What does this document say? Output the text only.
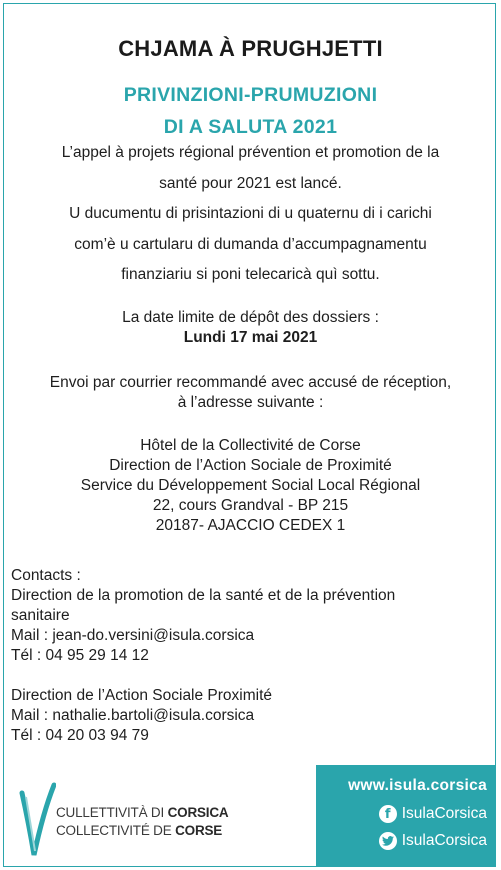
CHJAMA À PRUGHJETTI
PRIVINZIONI-PRUMUZIONI
DI A SALUTA 2021
L’appel à projets régional prévention et promotion de la
santé pour 2021 est lancé.
U ducumentu di prisintazioni di u quaternu di i carichi
com’è u cartularu di dumanda d’accumpagnamentu
finanziariu si poni telecaricà quì sottu.
La date limite de dépôt des dossiers :
Lundi 17 mai 2021
Envoi par courrier recommandé avec accusé de réception,
à l’adresse suivante :
Hôtel de la Collectivité de Corse
Direction de l’Action Sociale de Proximité
Service du Développement Social Local Régional
22, cours Grandval - BP 215
20187- AJACCIO CEDEX 1
Contacts :
Direction de la promotion de la santé et de la prévention
sanitaire
Mail : jean-do.versini@isula.corsica
Tél : 04 95 29 14 12
Direction de l’Action Sociale Proximité
Mail : nathalie.bartoli@isula.corsica
Tél : 04 20 03 94 79
CULLETTIVITÀ DI CORSICA
COLLECTIVITÉ DE CORSE
www.isula.corsica
f IsulaCorsica
IsulaCorsica
